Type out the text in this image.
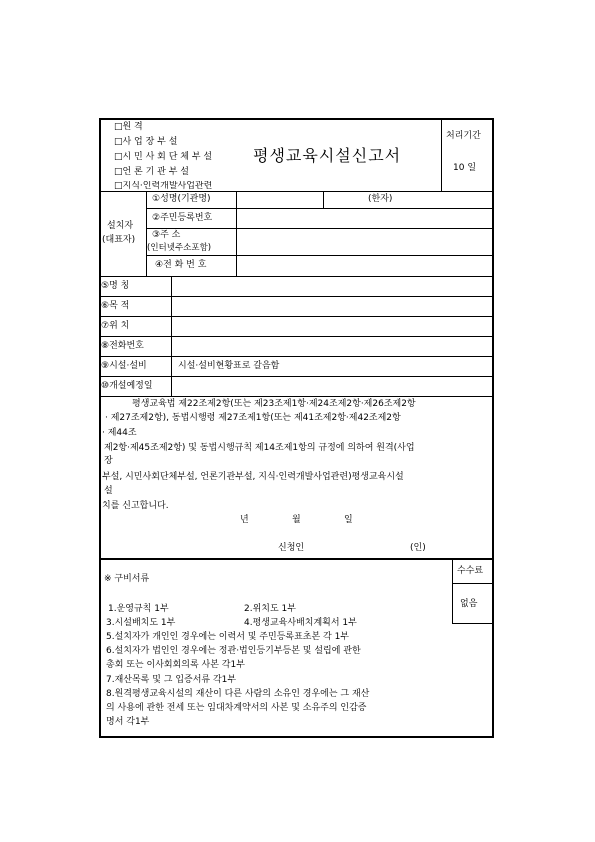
□원 격
□사 업 장 부 설
□시 민 사 회 단 체 부 설
□언 론 기 관 부 설
□지식·인력개발사업관련
평생교육시설신고서
처리기간
10 일
설치자
(대표자)
①성명(기관명)	(한자)
②주민등록번호
③주 소
(인터넷주소포함)
④전 화 번 호
⑤명 칭
⑥목 적
⑦위 치
⑧전화번호
⑨시설·설비	시설·설비현황표로 갈음함
⑩개설예정일
평생교육법 제22조제2항(또는 제23조제1항·제24조제2항·제26조제2항
· 제27조제2항), 동법시행령 제27조제1항(또는 제41조제2항·제42조제2항
· 제44조
제2항·제45조제2항) 및 동법시행규칙 제14조제1항의 규정에 의하여 원격(사업
장
부설, 시민사회단체부설, 언론기관부설, 지식·인력개발사업관련)평생교육시설
설
치를 신고합니다.
년	월	일
신청인	(인)
※ 구비서류
1.운영규칙 1부	2.위치도 1부
3.시설배치도 1부	4.평생교육사배치계획서 1부
5.설치자가 개인인 경우에는 이력서 및 주민등록표초본 각 1부
6.설치자가 법인인 경우에는 정관·법인등기부등본 및 설립에 관한
총회 또는 이사회회의록 사본 각1부
7.재산목록 및 그 입증서류 각1부
8.원격평생교육시설의 재산이 다른 사람의 소유인 경우에는 그 재산
의 사용에 관한 전세 또는 임대차계약서의 사본 및 소유주의 인감증
명서 각1부
수수료
없음
